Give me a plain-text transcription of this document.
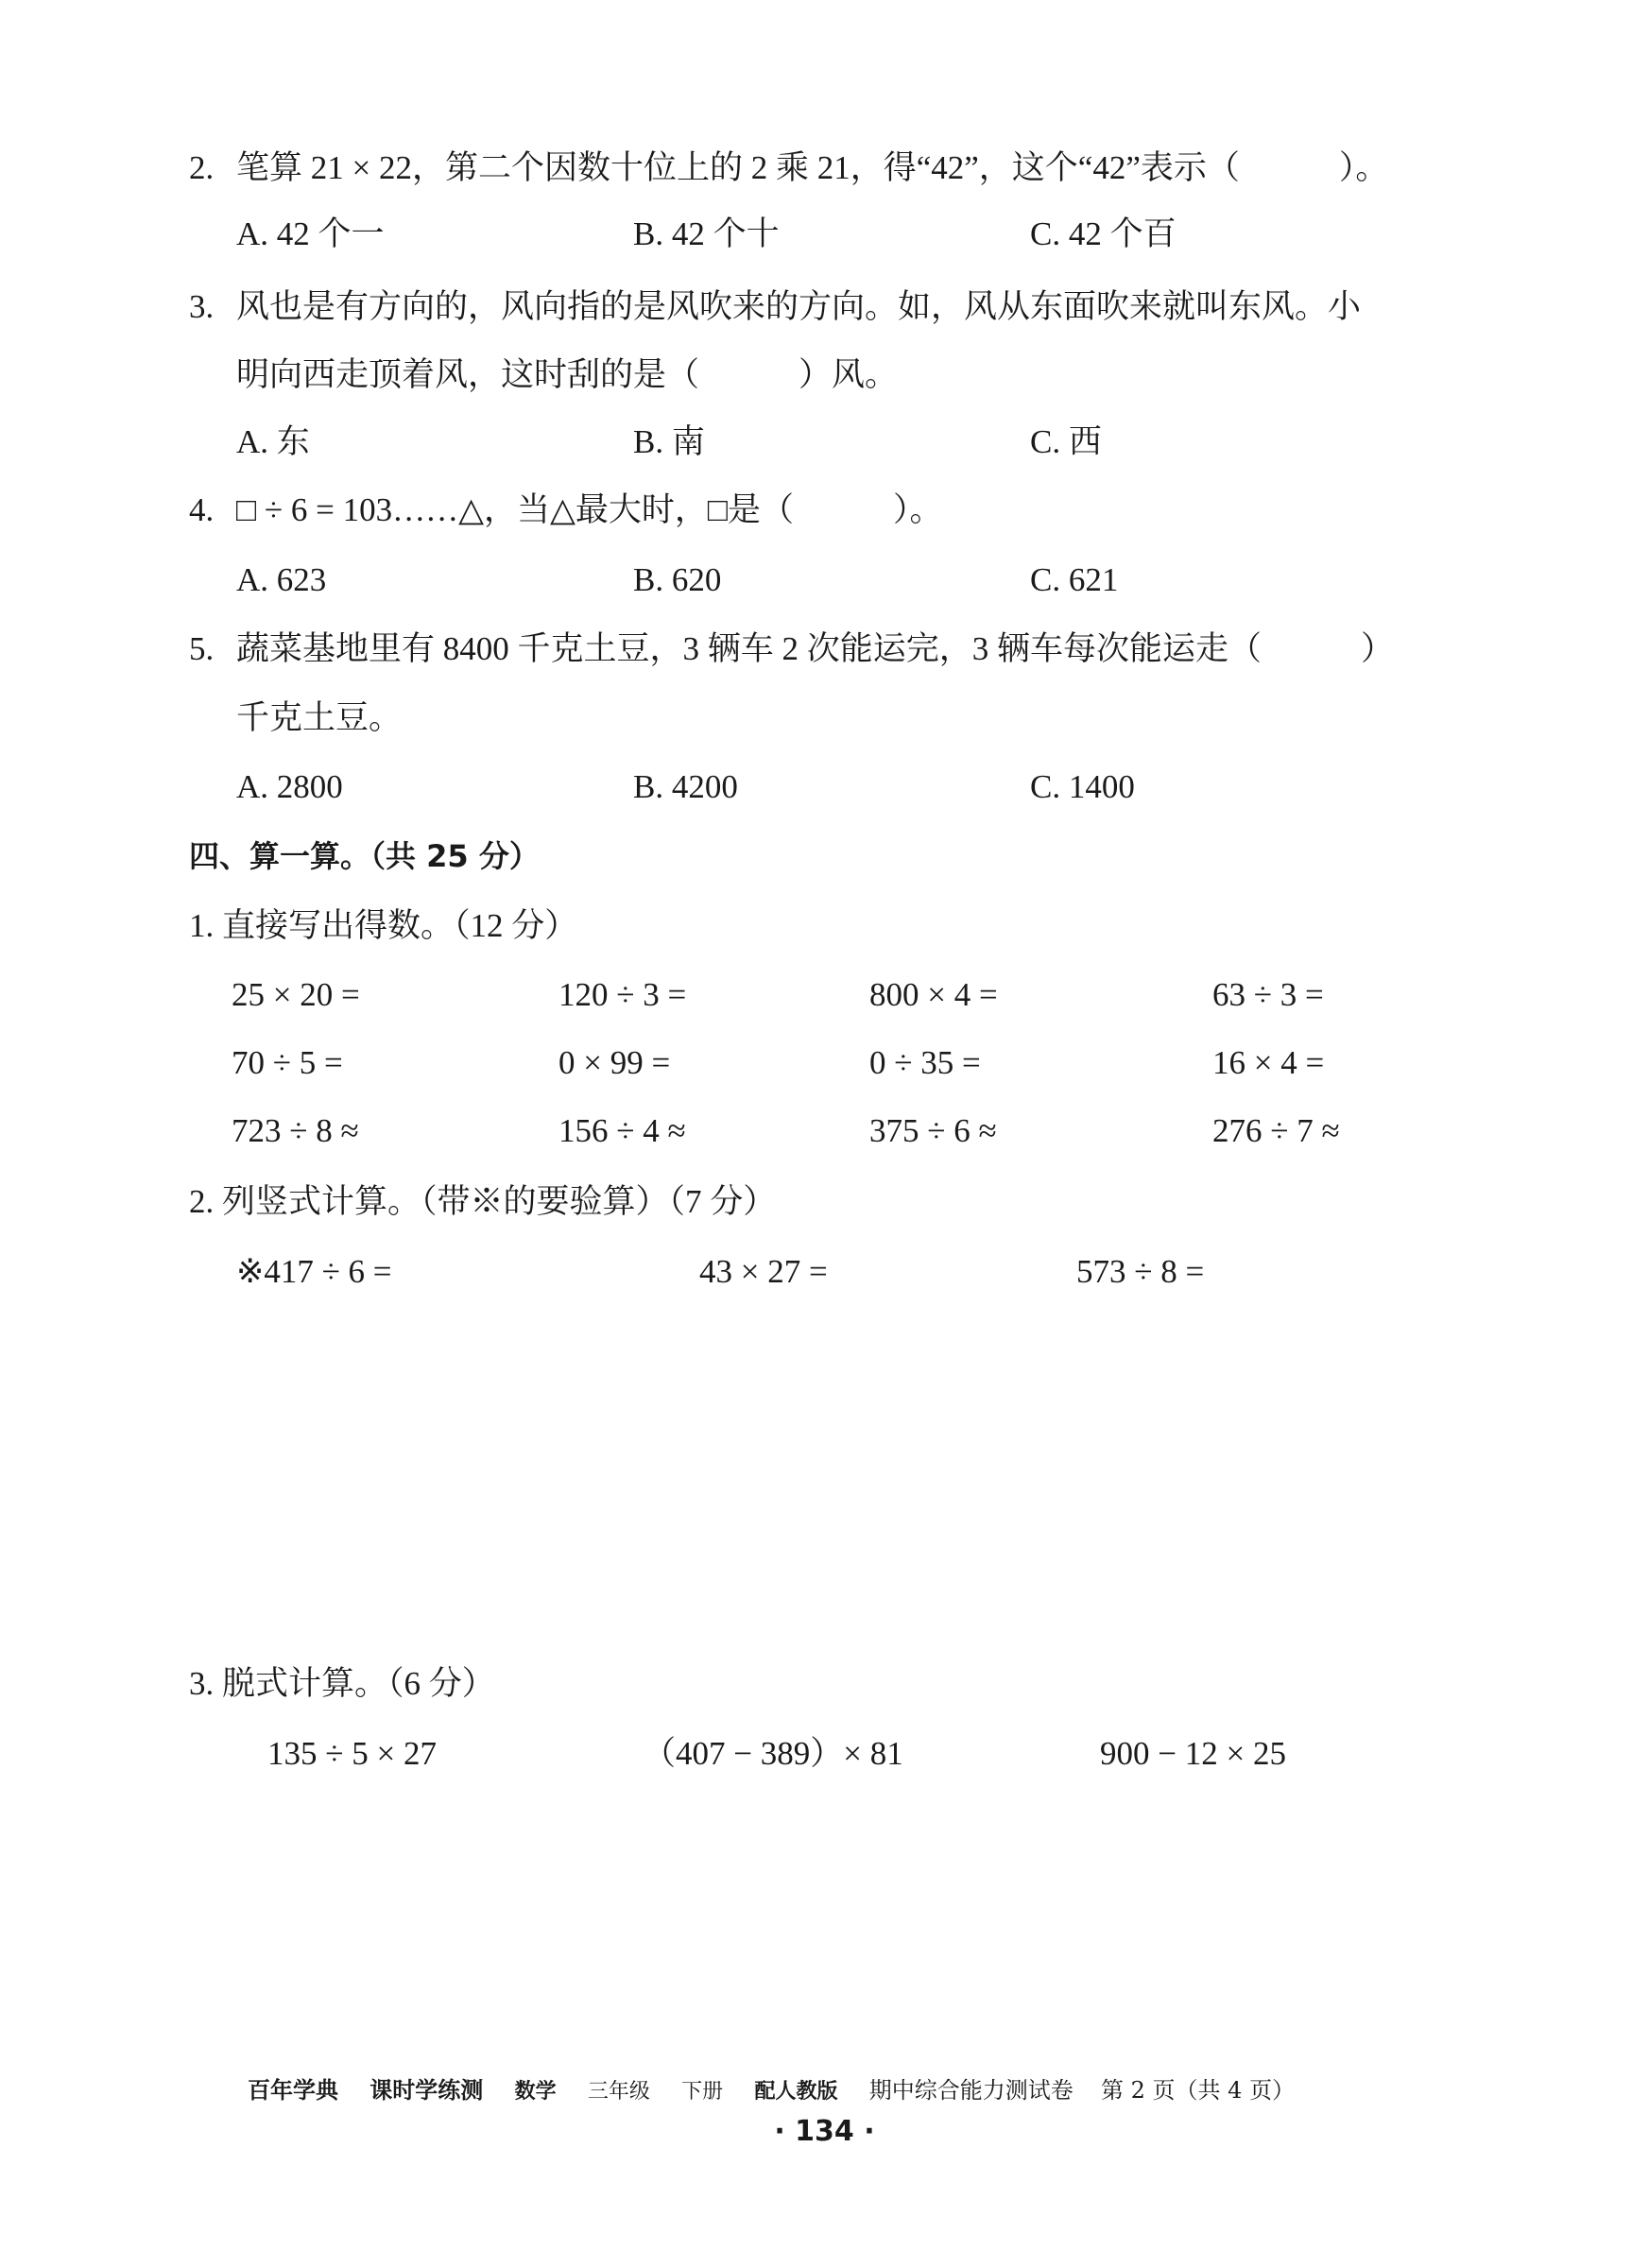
2. 笔算 21 × 22，第二个因数十位上的 2 乘 21，得“42”，这个“42”表示（　　　）。
A. 42 个一	B. 42 个十	C. 42 个百
3. 风也是有方向的，风向指的是风吹来的方向。如，风从东面吹来就叫东风。小
明向西走顶着风，这时刮的是（　　　）风。
A. 东	B. 南	C. 西
4. □ ÷ 6 = 103……△，当△最大时，□是（　　　）。
A. 623	B. 620	C. 621
5. 蔬菜基地里有 8400 千克土豆，3 辆车 2 次能运完，3 辆车每次能运走（　　　）
千克土豆。
A. 2800	B. 4200	C. 1400
四、算一算。（共 25 分）
1. 直接写出得数。（12 分）
25 × 20 =	120 ÷ 3 =	800 × 4 =	63 ÷ 3 =
70 ÷ 5 =	0 × 99 =	0 ÷ 35 =	16 × 4 =
723 ÷ 8 ≈	156 ÷ 4 ≈	375 ÷ 6 ≈	276 ÷ 7 ≈
2. 列竖式计算。（带※的要验算）（7 分）
※417 ÷ 6 =	43 × 27 =	573 ÷ 8 =
3. 脱式计算。（6 分）
135 ÷ 5 × 27	（407 − 389）× 81	900 − 12 × 25
百年学典 课时学练测 数学 三年级 下册 配人教版 期中综合能力测试卷 第 2 页（共 4 页）
· 134 ·
